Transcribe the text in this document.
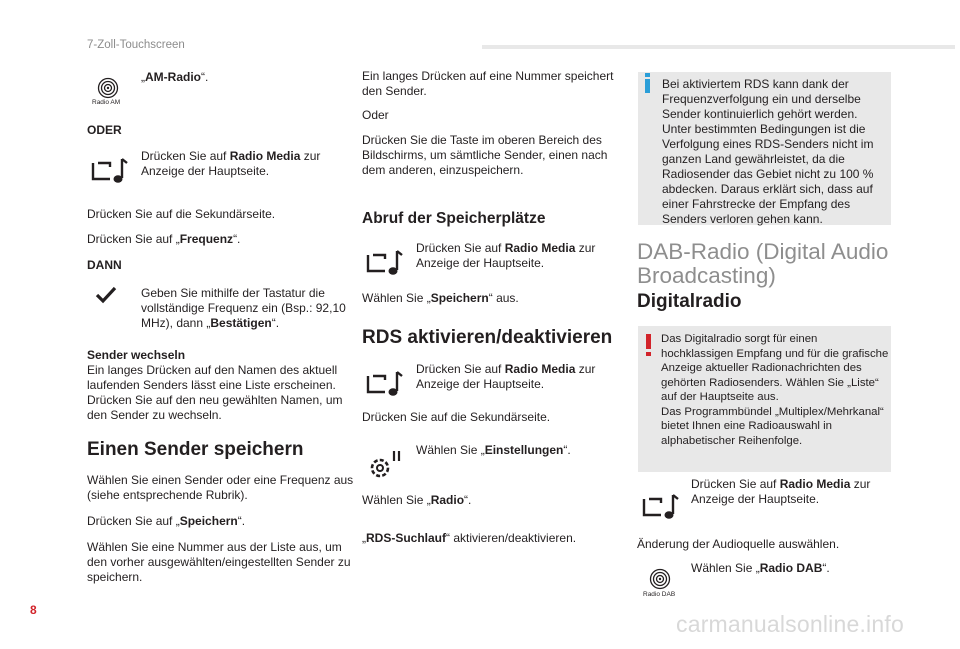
7-Zoll-Touchscreen
Radio AM

„AM-Radio“.

ODER

Drücken Sie auf Radio Media zur Anzeige der Hauptseite.

Drücken Sie auf die Sekundärseite.

Drücken Sie auf „Frequenz“.

DANN

Geben Sie mithilfe der Tastatur die vollständige Frequenz ein (Bsp.: 92,10 MHz), dann „Bestätigen“.

Sender wechseln

Ein langes Drücken auf den Namen des aktuell laufenden Senders lässt eine Liste erscheinen. Drücken Sie auf den neu gewählten Namen, um den Sender zu wechseln.

Einen Sender speichern

Wählen Sie einen Sender oder eine Frequenz aus (siehe entsprechende Rubrik).

Drücken Sie auf „Speichern“.

Wählen Sie eine Nummer aus der Liste aus, um den vorher ausgewählten/eingestellten Sender zu speichern.

Ein langes Drücken auf eine Nummer speichert den Sender.

Oder

Drücken Sie die Taste im oberen Bereich des Bildschirms, um sämtliche Sender, einen nach dem anderen, einzuspeichern.

Abruf der Speicherplätze

Drücken Sie auf Radio Media zur Anzeige der Hauptseite.

Wählen Sie „Speichern“ aus.

RDS aktivieren/deaktivieren

Drücken Sie auf Radio Media zur Anzeige der Hauptseite.

Drücken Sie auf die Sekundärseite.

Wählen Sie „Einstellungen“.

Wählen Sie „Radio“.

„RDS-Suchlauf“ aktivieren/deaktivieren.

Bei aktiviertem RDS kann dank der Frequenzverfolgung ein und derselbe Sender kontinuierlich gehört werden. Unter bestimmten Bedingungen ist die Verfolgung eines RDS-Senders nicht im ganzen Land gewährleistet, da die Radiosender das Gebiet nicht zu 100 % abdecken. Daraus erklärt sich, dass auf einer Fahrstrecke der Empfang des Senders verloren gehen kann.

DAB-Radio (Digital Audio Broadcasting)
Digitalradio

Das Digitalradio sorgt für einen hochklassigen Empfang und für die grafische Anzeige aktueller Radionachrichten des gehörten Radiosenders. Wählen Sie „Liste“ auf der Hauptseite aus.
Das Programmbündel „Multiplex/Mehrkanal“ bietet Ihnen eine Radioauswahl in alphabetischer Reihenfolge.

Drücken Sie auf Radio Media zur Anzeige der Hauptseite.

Änderung der Audioquelle auswählen.

Radio DAB

Wählen Sie „Radio DAB“.

8
carmanualsonline.info
